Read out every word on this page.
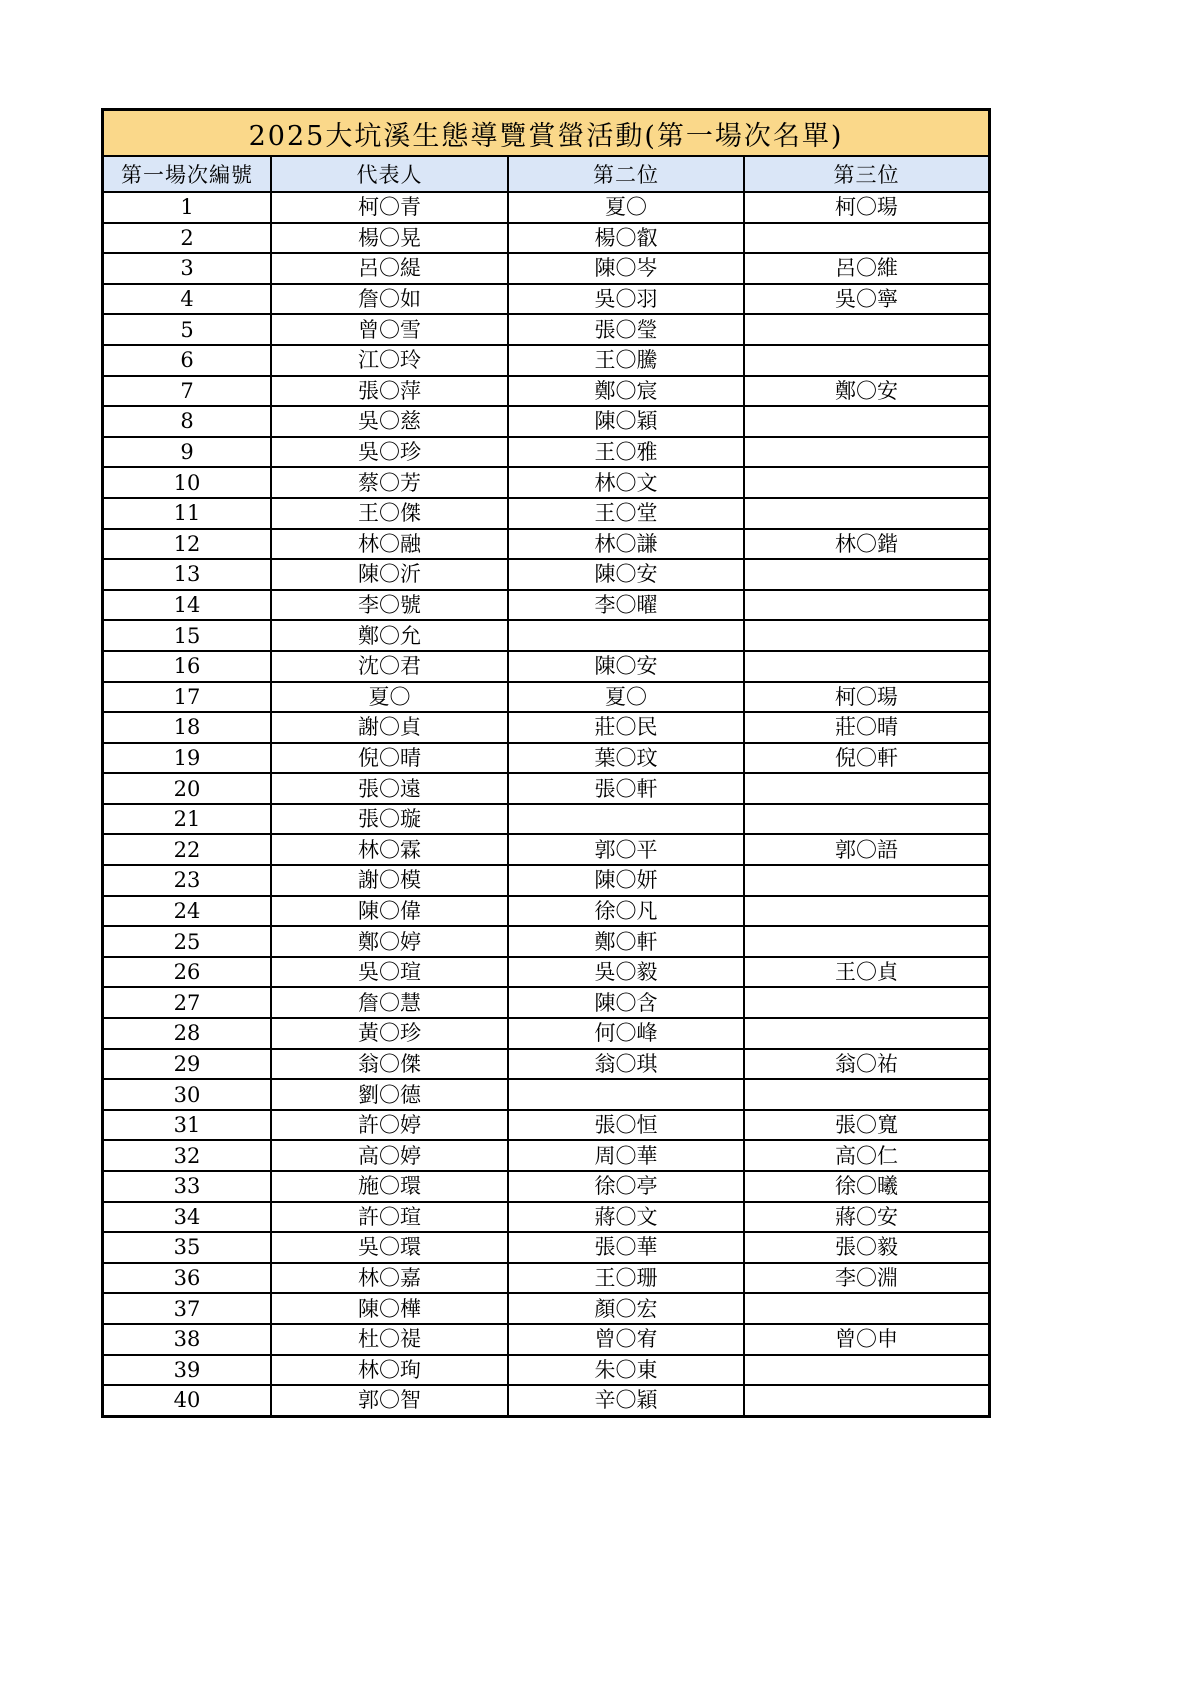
2025大坑溪生態導覽賞螢活動(第一場次名單)
第一場次編號	代表人	第二位	第三位
1	柯〇青	夏〇	柯〇瑒
2	楊〇晃	楊〇叡	
3	呂〇緹	陳〇岑	呂〇維
4	詹〇如	吳〇羽	吳〇寧
5	曾〇雪	張〇瑩	
6	江〇玲	王〇騰	
7	張〇萍	鄭〇宸	鄭〇安
8	吳〇慈	陳〇穎	
9	吳〇珍	王〇雅	
10	蔡〇芳	林〇文	
11	王〇傑	王〇堂	
12	林〇融	林〇謙	林〇鍇
13	陳〇沂	陳〇安	
14	李〇號	李〇曜	
15	鄭〇允		
16	沈〇君	陳〇安	
17	夏〇	夏〇	柯〇瑒
18	謝〇貞	莊〇民	莊〇晴
19	倪〇晴	葉〇玟	倪〇軒
20	張〇遠	張〇軒	
21	張〇璇		
22	林〇霖	郭〇平	郭〇語
23	謝〇模	陳〇妍	
24	陳〇偉	徐〇凡	
25	鄭〇婷	鄭〇軒	
26	吳〇瑄	吳〇毅	王〇貞
27	詹〇慧	陳〇含	
28	黃〇珍	何〇峰	
29	翁〇傑	翁〇琪	翁〇祐
30	劉〇德		
31	許〇婷	張〇恒	張〇寬
32	高〇婷	周〇華	高〇仁
33	施〇環	徐〇亭	徐〇曦
34	許〇瑄	蔣〇文	蔣〇安
35	吳〇環	張〇華	張〇毅
36	林〇嘉	王〇珊	李〇淵
37	陳〇樺	顏〇宏	
38	杜〇禔	曾〇宥	曾〇申
39	林〇珣	朱〇東	
40	郭〇智	辛〇穎	
